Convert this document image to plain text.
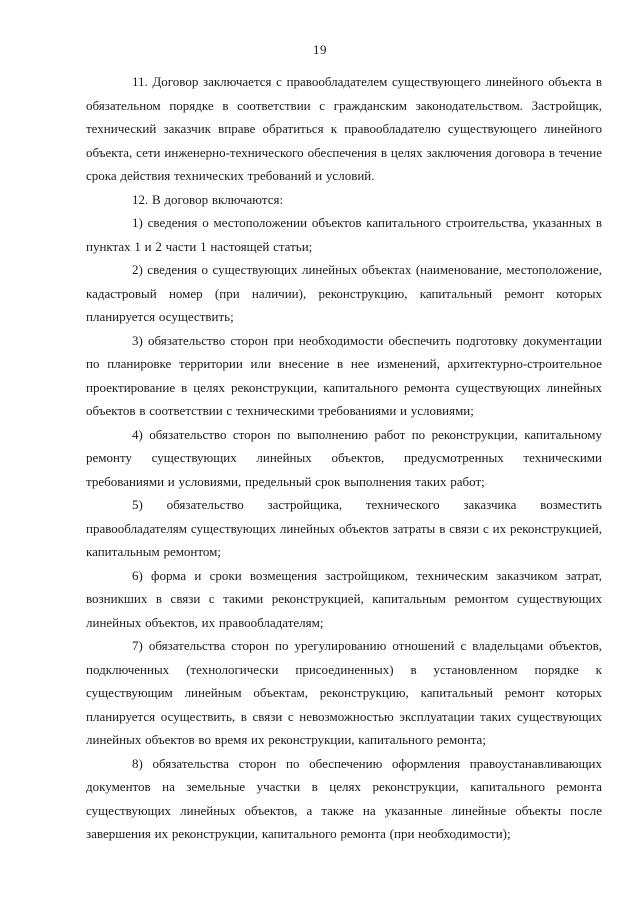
19

11. Договор заключается с правообладателем существующего линейного объекта в обязательном порядке в соответствии с гражданским законодательством. Застройщик, технический заказчик вправе обратиться к правообладателю существующего линейного объекта, сети инженерно-технического обеспечения в целях заключения договора в течение срока действия технических требований и условий.

12. В договор включаются:

1) сведения о местоположении объектов капитального строительства, указанных в пунктах 1 и 2 части 1 настоящей статьи;

2) сведения о существующих линейных объектах (наименование, местоположение, кадастровый номер (при наличии), реконструкцию, капитальный ремонт которых планируется осуществить;

3) обязательство сторон при необходимости обеспечить подготовку документации по планировке территории или внесение в нее изменений, архитектурно-строительное проектирование в целях реконструкции, капитального ремонта существующих линейных объектов в соответствии с техническими требованиями и условиями;

4) обязательство сторон по выполнению работ по реконструкции, капитальному ремонту существующих линейных объектов, предусмотренных техническими требованиями и условиями, предельный срок выполнения таких работ;

5) обязательство застройщика, технического заказчика возместить правообладателям существующих линейных объектов затраты в связи с их реконструкцией, капитальным ремонтом;

6) форма и сроки возмещения застройщиком, техническим заказчиком затрат, возникших в связи с такими реконструкцией, капитальным ремонтом существующих линейных объектов, их правообладателям;

7) обязательства сторон по урегулированию отношений с владельцами объектов, подключенных (технологически присоединенных) в установленном порядке к существующим линейным объектам, реконструкцию, капитальный ремонт которых планируется осуществить, в связи с невозможностью эксплуатации таких существующих линейных объектов во время их реконструкции, капитального ремонта;

8) обязательства сторон по обеспечению оформления правоустанавливающих документов на земельные участки в целях реконструкции, капитального ремонта существующих линейных объектов, а также на указанные линейные объекты после завершения их реконструкции, капитального ремонта (при необходимости);
